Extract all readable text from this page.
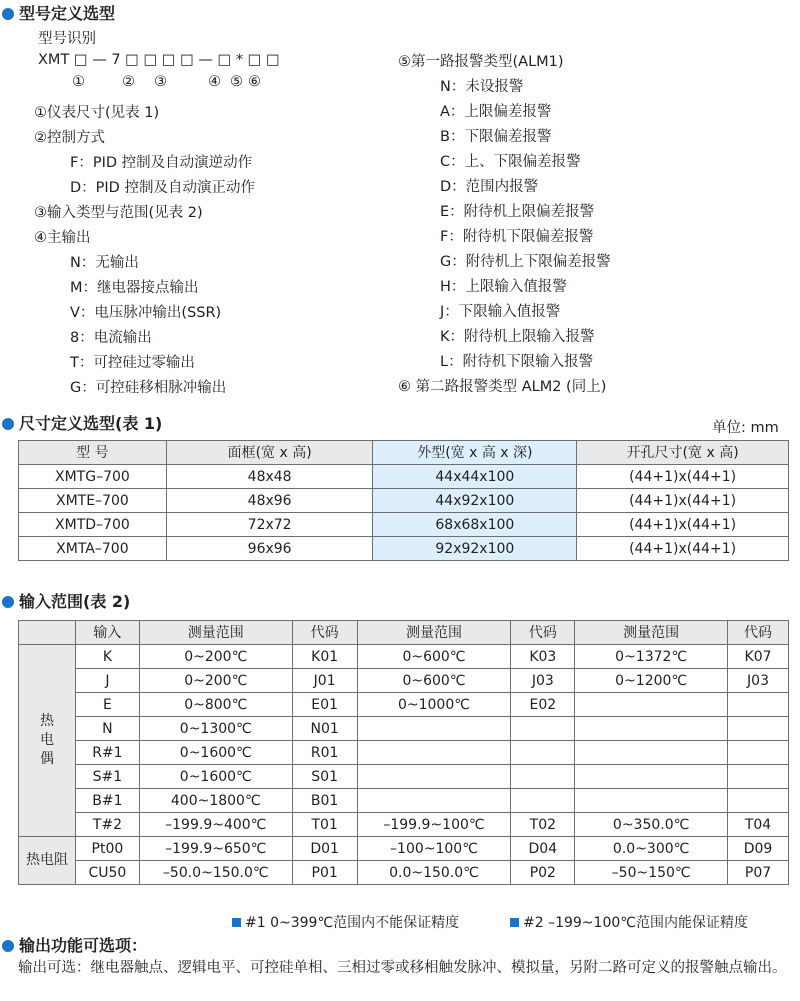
型号定义选型
型号识别
XMT □ — 7 □ □ □ □ — □ * □ □
①	② ③	④ ⑤ ⑥
①仪表尺寸(见表 1)
②控制方式
F：PID 控制及自动演逆动作
D：PID 控制及自动演正动作
③输入类型与范围(见表 2)
④主输出
N：无输出
M：继电器接点输出
V：电压脉冲输出(SSR)
8：电流输出
T：可控硅过零输出
G：可控硅移相脉冲输出
⑤第一路报警类型(ALM1)
N：未设报警
A：上限偏差报警
B：下限偏差报警
C：上、下限偏差报警
D：范围内报警
E：附待机上限偏差报警
F：附待机下限偏差报警
G：附待机上下限偏差报警
H：上限输入值报警
J：下限输入值报警
K：附待机上限输入报警
L：附待机下限输入报警
⑥ 第二路报警类型 ALM2 (同上)
尺寸定义选型(表 1)	单位: mm
型 号	面框(宽 x 高)	外型(宽 x 高 x 深)	开孔尺寸(宽 x 高)
XMTG–700	48x48	44x44x100	(44+1)x(44+1)
XMTE–700	48x96	44x92x100	(44+1)x(44+1)
XMTD–700	72x72	68x68x100	(44+1)x(44+1)
XMTA–700	96x96	92x92x100	(44+1)x(44+1)
输入范围(表 2)
	输入	测量范围	代码	测量范围	代码	测量范围	代码
热
电
偶	K	0~200℃	K01	0~600℃	K03	0~1372℃	K07
	J	0~200℃	J01	0~600℃	J03	0~1200℃	J03
	E	0~800℃	E01	0~1000℃	E02		
	N	0~1300℃	N01				
	R#1	0~1600℃	R01				
	S#1	0~1600℃	S01				
	B#1	400~1800℃	B01				
	T#2	–199.9~400℃	T01	–199.9~100℃	T02	0~350.0℃	T04
热电阻	Pt00	–199.9~650℃	D01	–100~100℃	D04	0.0~300℃	D09
	CU50	–50.0~150.0℃	P01	0.0~150.0℃	P02	–50~150℃	P07
#1 0~399℃范围内不能保证精度	#2 –199~100℃范围内能保证精度
输出功能可选项：
输出可选：继电器触点、逻辑电平、可控硅单相、三相过零或移相触发脉冲、模拟量，另附二路可定义的报警触点输出。
